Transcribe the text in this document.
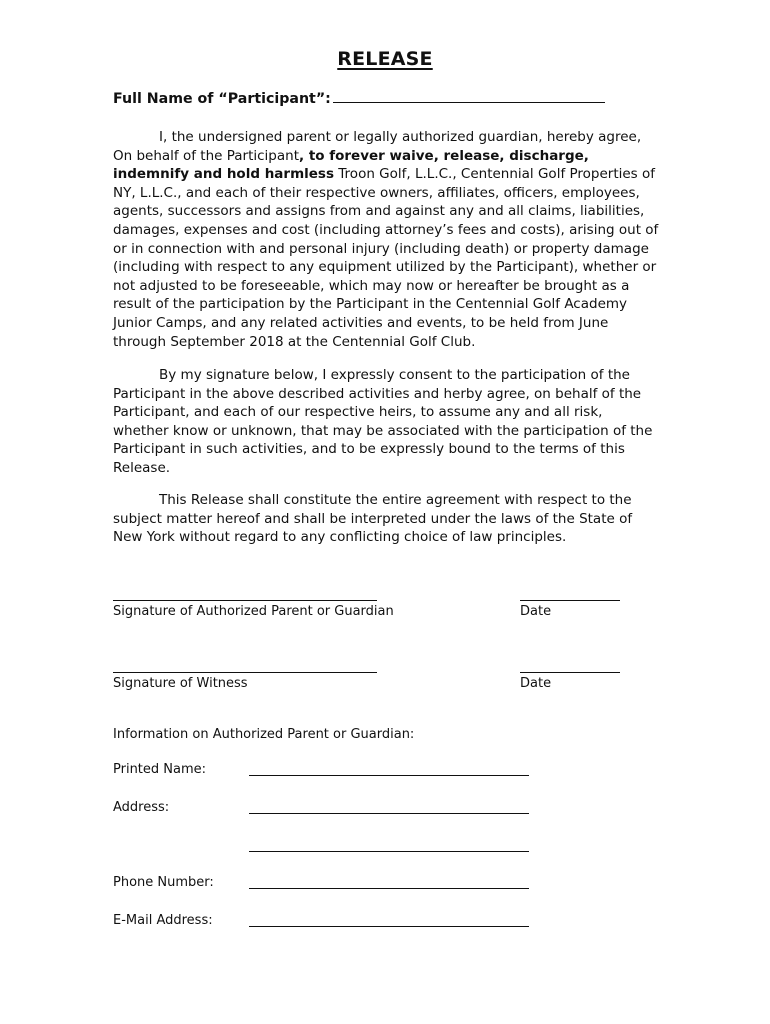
RELEASE
Full Name of “Participant”:

I, the undersigned parent or legally authorized guardian, hereby agree, On behalf of the Participant, to forever waive, release, discharge, indemnify and hold harmless Troon Golf, L.L.C., Centennial Golf Properties of NY, L.L.C., and each of their respective owners, affiliates, officers, employees, agents, successors and assigns from and against any and all claims, liabilities, damages, expenses and cost (including attorney’s fees and costs), arising out of or in connection with and personal injury (including death) or property damage (including with respect to any equipment utilized by the Participant), whether or not adjusted to be foreseeable, which may now or hereafter be brought as a result of the participation by the Participant in the Centennial Golf Academy Junior Camps, and any related activities and events, to be held from June through September 2018 at the Centennial Golf Club.

By my signature below, I expressly consent to the participation of the Participant in the above described activities and herby agree, on behalf of the Participant, and each of our respective heirs, to assume any and all risk, whether know or unknown, that may be associated with the participation of the Participant in such activities, and to be expressly bound to the terms of this Release.

This Release shall constitute the entire agreement with respect to the subject matter hereof and shall be interpreted under the laws of the State of New York without regard to any conflicting choice of law principles.

Signature of Authorized Parent or Guardian	Date
Signature of Witness	Date
Information on Authorized Parent or Guardian:
Printed Name:
Address:
Phone Number:
E-Mail Address:
